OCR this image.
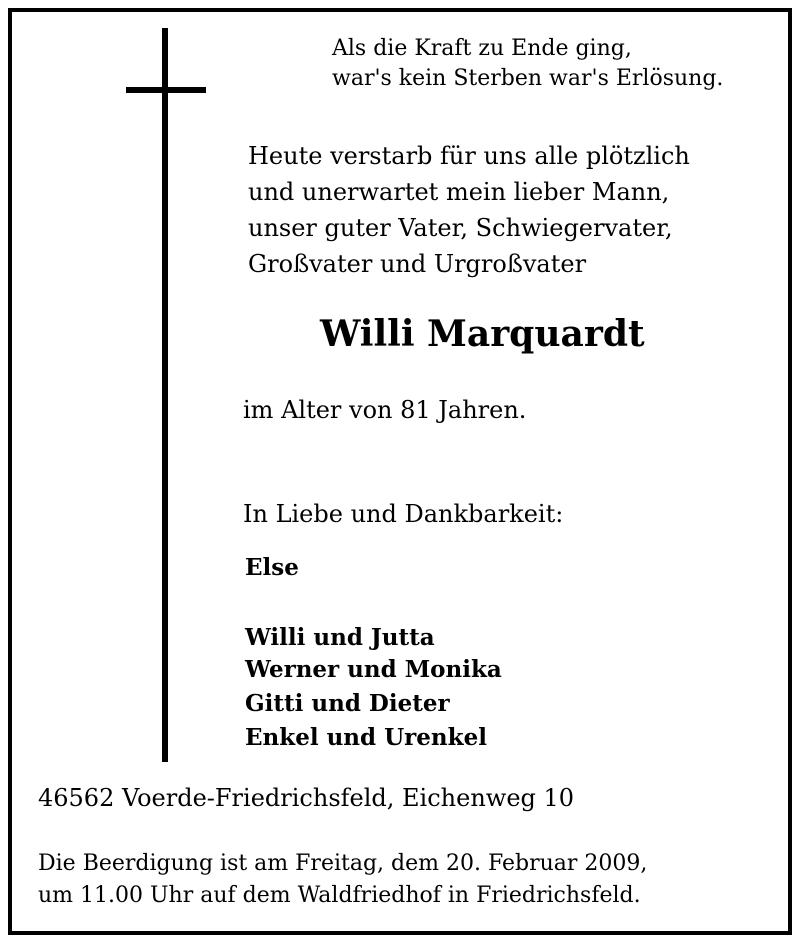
Als die Kraft zu Ende ging,
war's kein Sterben war's Erlösung.
Heute verstarb für uns alle plötzlich
und unerwartet mein lieber Mann,
unser guter Vater, Schwiegervater,
Großvater und Urgroßvater
Willi Marquardt
im Alter von 81 Jahren.
In Liebe und Dankbarkeit:
Else
Willi und Jutta
Werner und Monika
Gitti und Dieter
Enkel und Urenkel
46562 Voerde-Friedrichsfeld, Eichenweg 10
Die Beerdigung ist am Freitag, dem 20. Februar 2009,
um 11.00 Uhr auf dem Waldfriedhof in Friedrichsfeld.
